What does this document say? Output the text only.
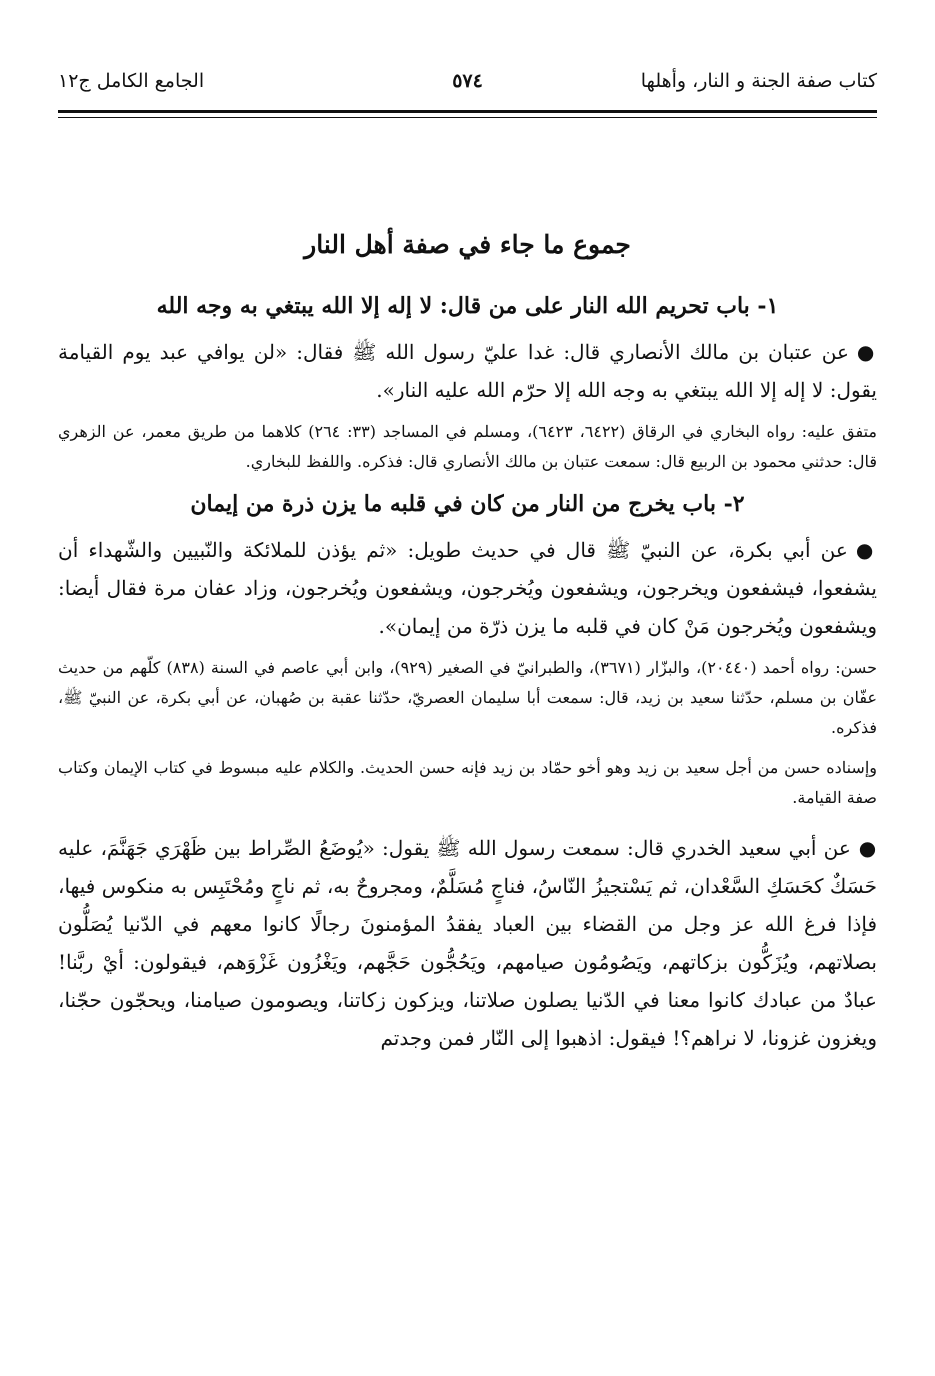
كتاب صفة الجنة و النار، وأهلها
٥٧٤
الجامع الكامل ج١٢
جموع ما جاء في صفة أهل النار
١- باب تحريم الله النار على من قال: لا إله إلا الله يبتغي به وجه الله

●عن عتبان بن مالك الأنصاري قال: غدا عليّ رسول الله ﷺ فقال: «لن يوافي عبد يوم القيامة يقول: لا إله إلا الله يبتغي به وجه الله إلا حرّم الله عليه النار».

متفق عليه: رواه البخاري في الرقاق (٦٤٢٢، ٦٤٢٣)، ومسلم في المساجد (٣٣: ٢٦٤) كلاهما من طريق معمر، عن الزهري قال: حدثني محمود بن الربيع قال: سمعت عتبان بن مالك الأنصاري قال: فذكره. واللفظ للبخاري.

٢- باب يخرج من النار من كان في قلبه ما يزن ذرة من إيمان

●عن أبي بكرة، عن النبيّ ﷺ قال في حديث طويل: «ثم يؤذن للملائكة والنّبيين والشّهداء أن يشفعوا، فيشفعون ويخرجون، ويشفعون ويُخرجون، ويشفعون ويُخرجون، وزاد عفان مرة فقال أيضا: ويشفعون ويُخرجون مَنْ كان في قلبه ما يزن ذرّة من إيمان».

حسن: رواه أحمد (٢٠٤٤٠)، والبزّار (٣٦٧١)، والطبرانيّ في الصغير (٩٢٩)، وابن أبي عاصم في السنة (٨٣٨) كلّهم من حديث عفّان بن مسلم، حدّثنا سعيد بن زيد، قال: سمعت أبا سليمان العصريّ، حدّثنا عقبة بن صُهبان، عن أبي بكرة، عن النبيّ ﷺ، فذكره.

وإسناده حسن من أجل سعيد بن زيد وهو أخو حمّاد بن زيد فإنه حسن الحديث. والكلام عليه مبسوط في كتاب الإيمان وكتاب صفة القيامة.

●عن أبي سعيد الخدري قال: سمعت رسول الله ﷺ يقول: «يُوضَعُ الصِّراط بين ظَهْرَي جَهَنَّمَ، عليه حَسَكٌ كحَسَكِ السَّعْدان، ثم يَسْتجيزُ النّاسُ، فناجٍ مُسَلَّمٌ، ومجروحٌ به، ثم ناجٍ ومُحْتَبِس به منكوس فيها، فإذا فرغ الله عز وجل من القضاء بين العباد يفقدُ المؤمنونَ رجالًا كانوا معهم في الدّنيا يُصَلُّون بصلاتهم، ويُزَكُّون بزكاتهم، ويَصُومُون صيامهم، ويَحُجُّون حَجَّهم، ويَغْزُون غَزْوَهم، فيقولون: أيْ ربَّنا! عبادٌ من عبادك كانوا معنا في الدّنيا يصلون صلاتنا، ويزكون زكاتنا، ويصومون صيامنا، ويحجّون حجّنا، ويغزون غزونا، لا نراهم؟! فيقول: اذهبوا إلى النّار فمن وجدتم
